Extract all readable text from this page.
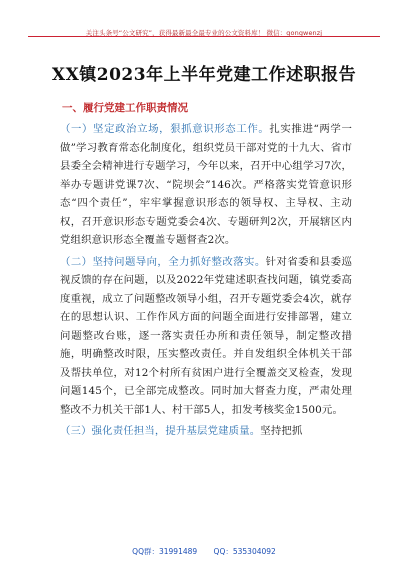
关注头条号“公文研究”，获得最新最全最专业的公文资料库！ 微信：gongwenzj
XX镇2023年上半年党建工作述职报告
一、履行党建工作职责情况

（一）坚定政治立场，狠抓意识形态工作。扎实推进“两学一做”学习教育常态化制度化，组织党员干部对党的十九大、省市县委全会精神进行专题学习，今年以来，召开中心组学习7次，举办专题讲党课7次、“院坝会”146次。严格落实党管意识形态“四个责任”，牢牢掌握意识形态的领导权、主导权、主动权，召开意识形态专题党委会4次、专题研判2次，开展辖区内党组织意识形态全覆盖专题督查2次。

（二）坚持问题导向，全力抓好整改落实。针对省委和县委巡视反馈的存在问题，以及2022年党建述职查找问题，镇党委高度重视，成立了问题整改领导小组，召开专题党委会4次，就存在的思想认识、工作作风方面的问题全面进行安排部署，建立问题整改台账，逐一落实责任办所和责任领导，制定整改措施，明确整改时限，压实整改责任。并自发组织全体机关干部及帮扶单位，对12个村所有贫困户进行全覆盖交叉检查，发现问题145个，已全部完成整改。同时加大督查力度，严肃处理整改不力机关干部1人、村干部5人，扣发考核奖金1500元。

（三）强化责任担当，提升基层党建质量。坚持把抓

QQ群：31991489 QQ：535304092
